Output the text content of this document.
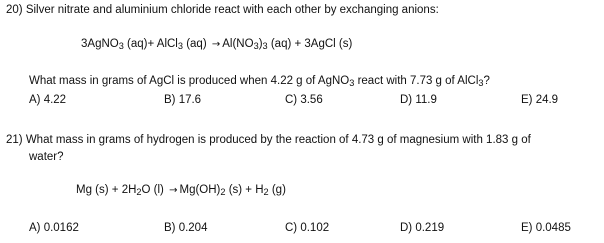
20) Silver nitrate and aluminium chloride react with each other by exchanging anions:
3AgNO$_3$ (aq)+ AlCl$_3$ $(aq) \to Al(NO_3)_3$ (aq) + 3AgCl (s)
What mass in grams of AgCl is produced when 4.22 g of AgNO$_3$ react with 7.73 g of AlCl$_3$?
A) 4.22	B) 17.6	C) 3.56	D) 11.9	E) 24.9
21) What mass in grams of hydrogen is produced by the reaction of 4.73 g of magnesium with 1.83 g of
water?
Mg $(s) + 2H_2O$ $(l) \to Mg(OH)_2$ $(s) + H_2$ (g)
A) 0.0162	B) 0.204	C) 0.102	D) 0.219	E) 0.0485
